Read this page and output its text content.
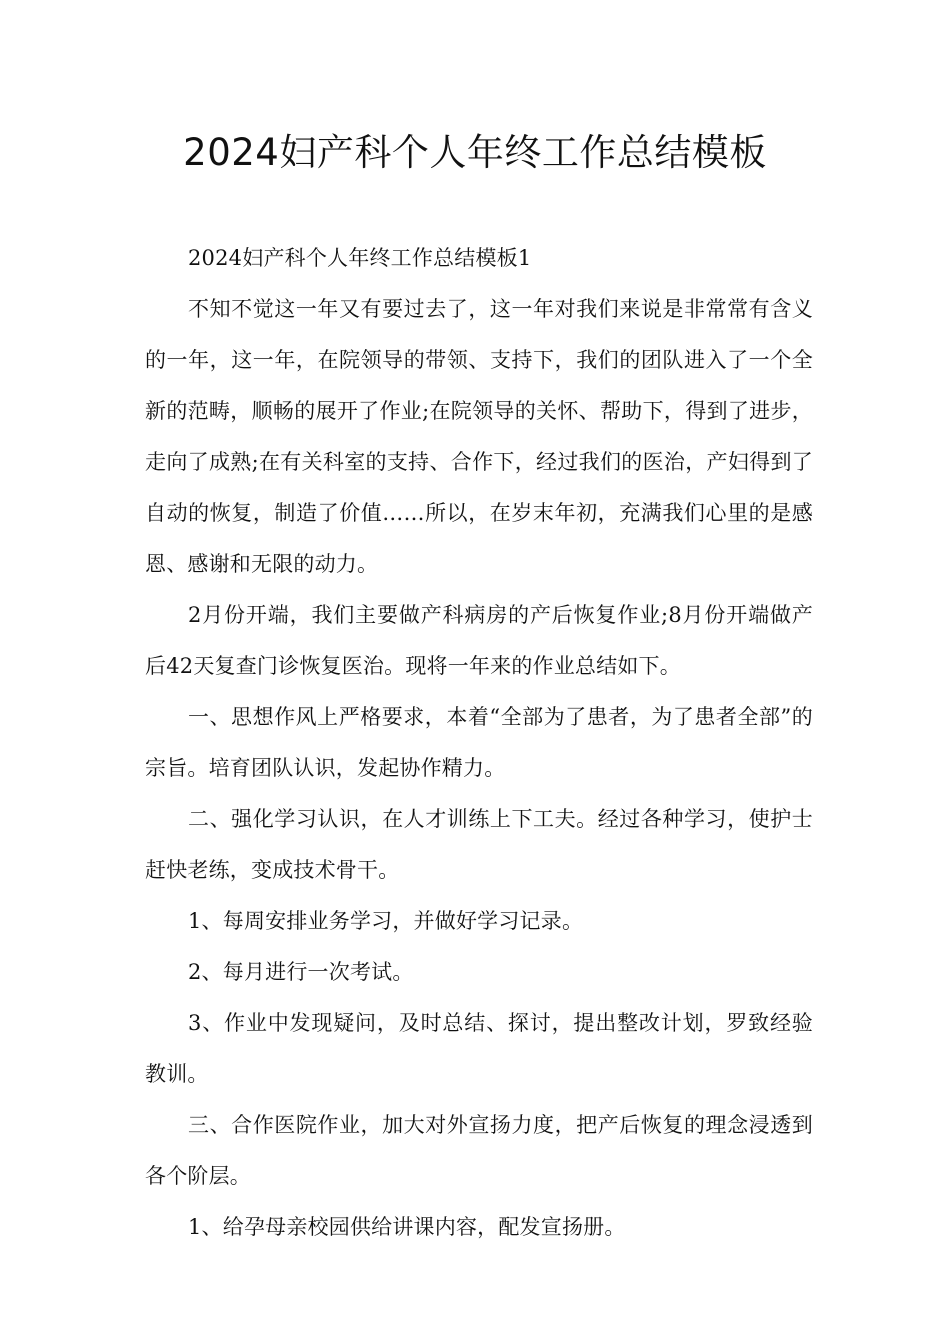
2024妇产科个人年终工作总结模板

2024妇产科个人年终工作总结模板1

不知不觉这一年又有要过去了，这一年对我们来说是非常常有含义的一年，这一年，在院领导的带领、支持下，我们的团队进入了一个全新的范畴，顺畅的展开了作业;在院领导的关怀、帮助下，得到了进步，走向了成熟;在有关科室的支持、合作下，经过我们的医治，产妇得到了自动的恢复，制造了价值……所以，在岁末年初，充满我们心里的是感恩、感谢和无限的动力。

2月份开端，我们主要做产科病房的产后恢复作业;8月份开端做产后42天复查门诊恢复医治。现将一年来的作业总结如下。

一、思想作风上严格要求，本着“全部为了患者，为了患者全部”的宗旨。培育团队认识，发起协作精力。

二、强化学习认识，在人才训练上下工夫。经过各种学习，使护士赶快老练，变成技术骨干。

1、每周安排业务学习，并做好学习记录。

2、每月进行一次考试。

3、作业中发现疑问，及时总结、探讨，提出整改计划，罗致经验教训。

三、合作医院作业，加大对外宣扬力度，把产后恢复的理念浸透到各个阶层。

1、给孕母亲校园供给讲课内容，配发宣扬册。
